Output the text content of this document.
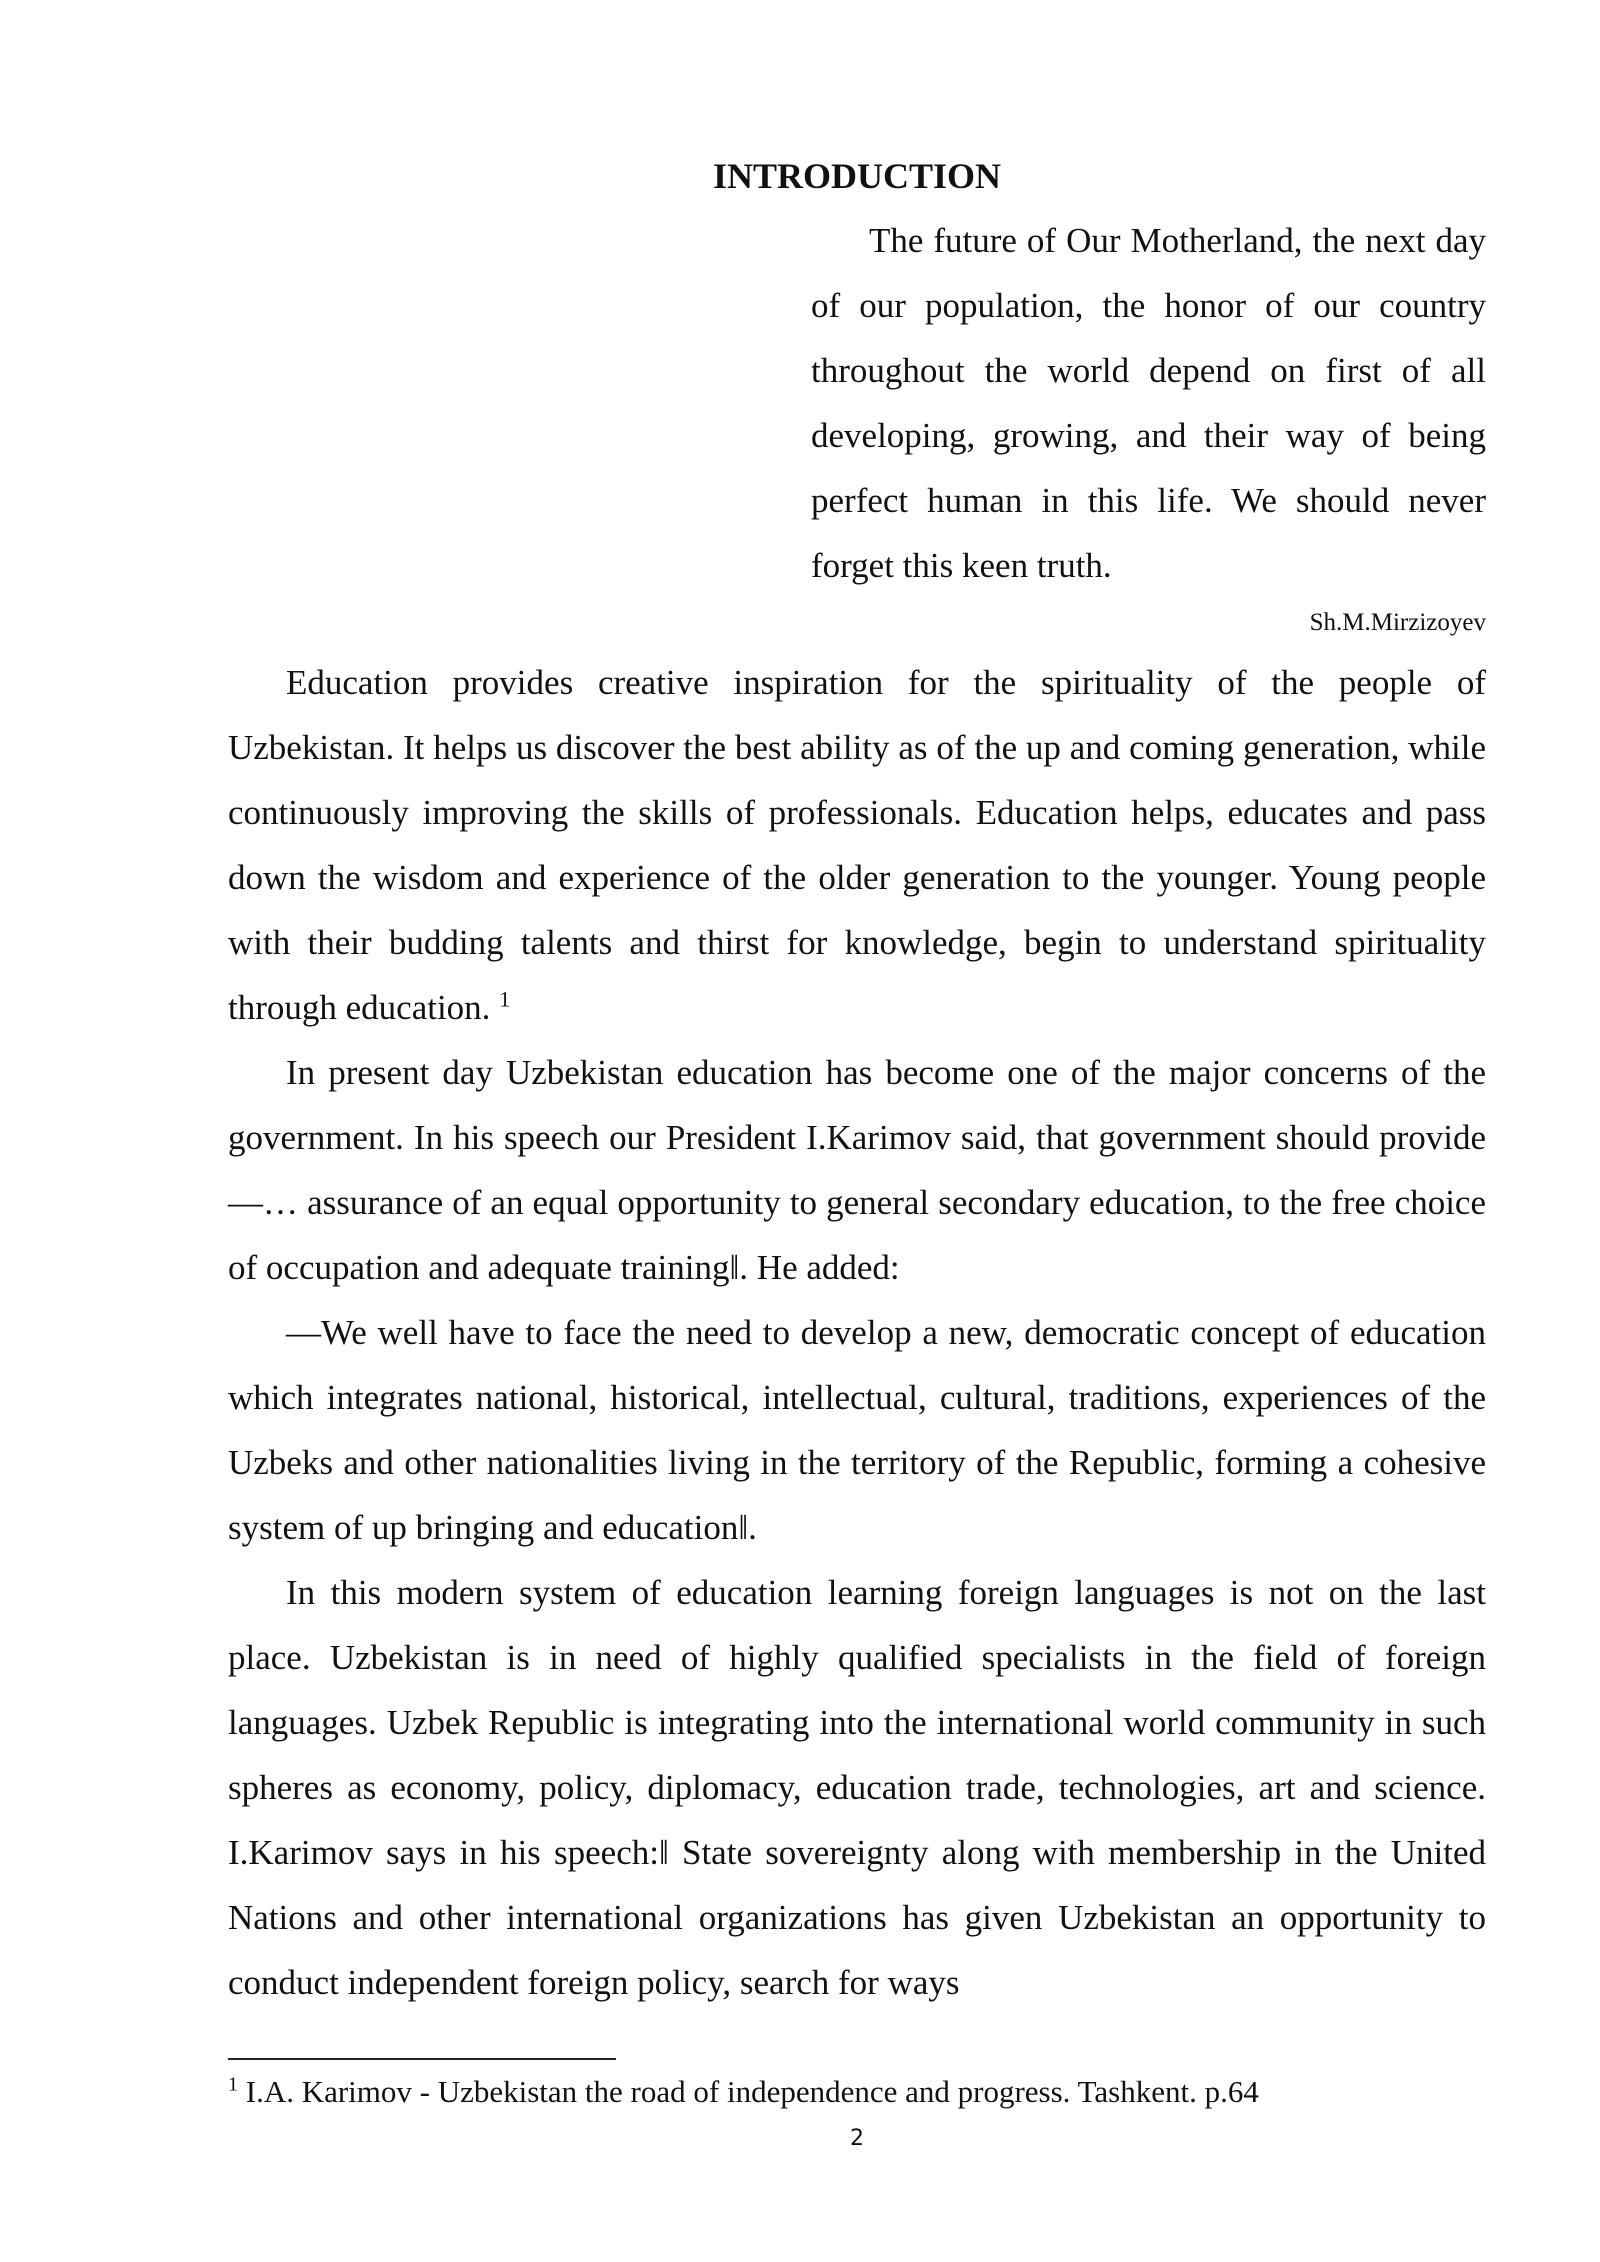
INTRODUCTION

The future of Our Motherland, the next day of our population, the honor of our country throughout the world depend on first of all developing, growing, and their way of being perfect human in this life. We should never forget this keen truth.

Sh.M.Mirzizoyev

Education provides creative inspiration for the spirituality of the people of Uzbekistan. It helps us discover the best ability as of the up and coming generation, while continuously improving the skills of professionals. Education helps, educates and pass down the wisdom and experience of the older generation to the younger. Young people with their budding talents and thirst for knowledge, begin to understand spirituality through education. $^1$

In present day Uzbekistan education has become one of the major concerns of the government. In his speech our President I.Karimov said, that government should provide ―… assurance of an equal opportunity to general secondary education, to the free choice of occupation and adequate training‖. He added:

―We well have to face the need to develop a new, democratic concept of education which integrates national, historical, intellectual, cultural, traditions, experiences of the Uzbeks and other nationalities living in the territory of the Republic, forming a cohesive system of up bringing and education‖.

In this modern system of education learning foreign languages is not on the last place. Uzbekistan is in need of highly qualified specialists in the field of foreign languages. Uzbek Republic is integrating into the international world community in such spheres as economy, policy, diplomacy, education trade, technologies, art and science. I.Karimov says in his speech:‖ State sovereignty along with membership in the United Nations and other international organizations has given Uzbekistan an opportunity to conduct independent foreign policy, search for ways

$^1$ I.A. Karimov - Uzbekistan the road of independence and progress. Tashkent. p.64

2
